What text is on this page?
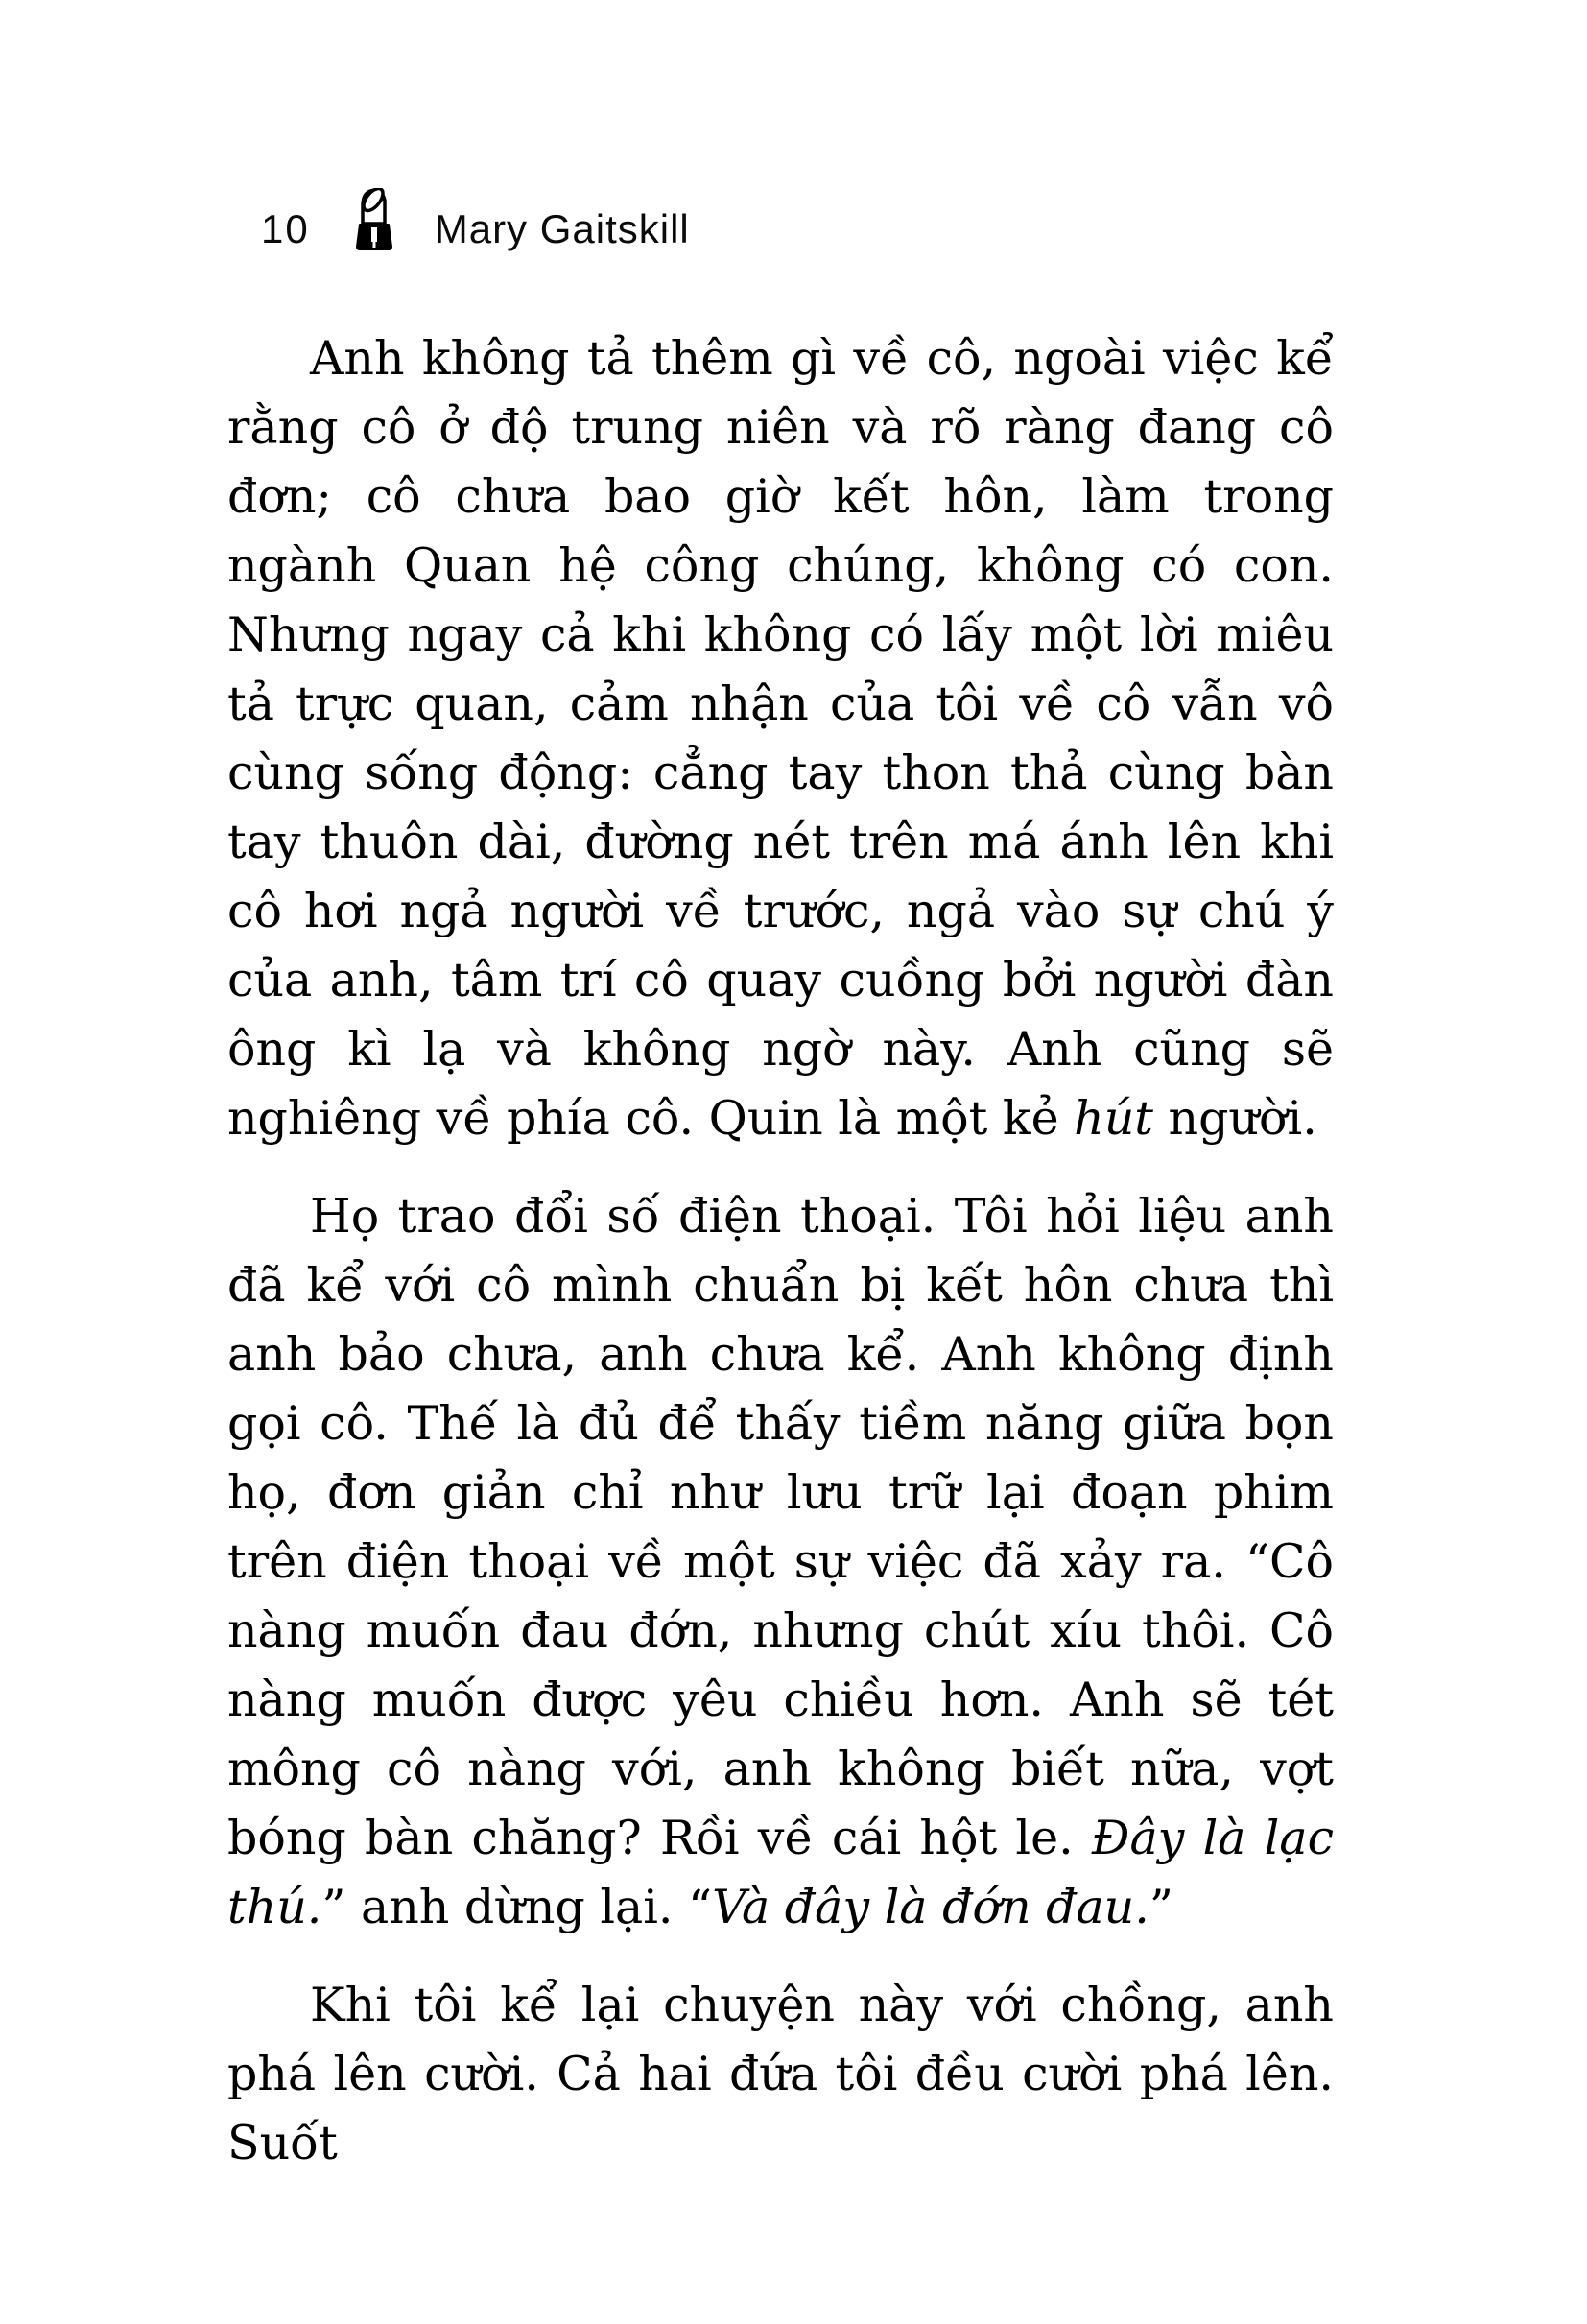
10	Mary Gaitskill

Anh không tả thêm gì về cô, ngoài việc kể rằng cô ở độ trung niên và rõ ràng đang cô đơn; cô chưa bao giờ kết hôn, làm trong ngành Quan hệ công chúng, không có con. Nhưng ngay cả khi không có lấy một lời miêu tả trực quan, cảm nhận của tôi về cô vẫn vô cùng sống động: cẳng tay thon thả cùng bàn tay thuôn dài, đường nét trên má ánh lên khi cô hơi ngả người về trước, ngả vào sự chú ý của anh, tâm trí cô quay cuồng bởi người đàn ông kì lạ và không ngờ này. Anh cũng sẽ nghiêng về phía cô. Quin là một kẻ hút người.

Họ trao đổi số điện thoại. Tôi hỏi liệu anh đã kể với cô mình chuẩn bị kết hôn chưa thì anh bảo chưa, anh chưa kể. Anh không định gọi cô. Thế là đủ để thấy tiềm năng giữa bọn họ, đơn giản chỉ như lưu trữ lại đoạn phim trên điện thoại về một sự việc đã xảy ra. “Cô nàng muốn đau đớn, nhưng chút xíu thôi. Cô nàng muốn được yêu chiều hơn. Anh sẽ tét mông cô nàng với, anh không biết nữa, vợt bóng bàn chăng? Rồi về cái hột le. Đây là lạc thú.” anh dừng lại. “Và đây là đớn đau.”

Khi tôi kể lại chuyện này với chồng, anh phá lên cười. Cả hai đứa tôi đều cười phá lên. Suốt
